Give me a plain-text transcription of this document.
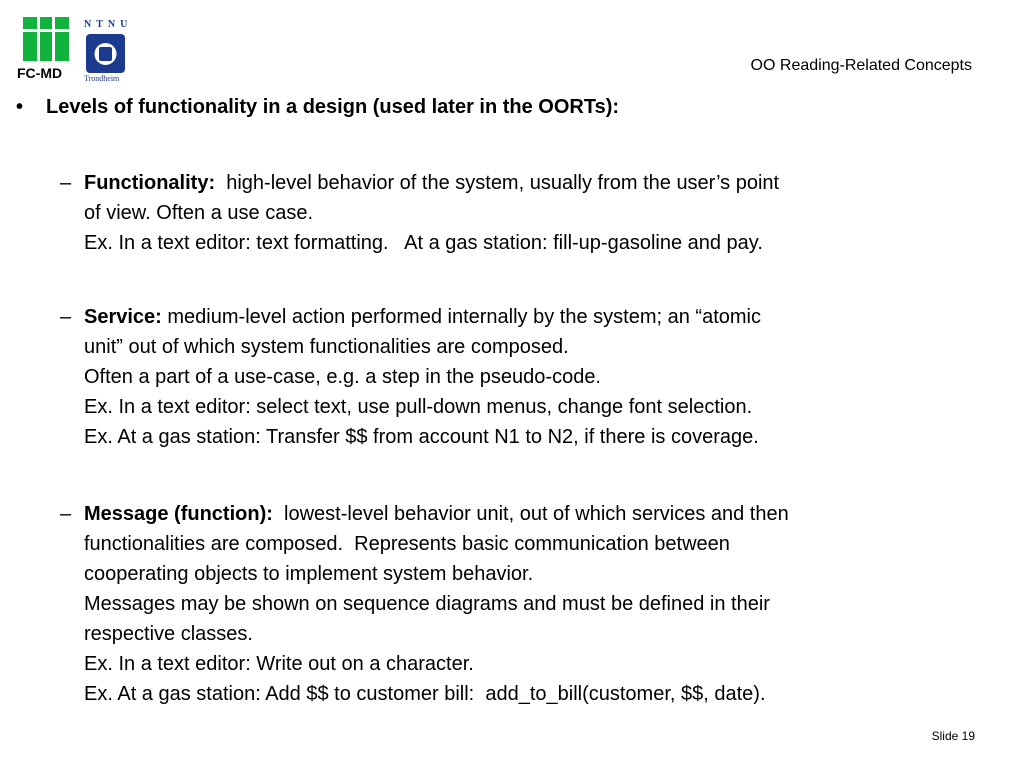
FC-MD
NTNU
Trondheim
OO Reading-Related Concepts
• Levels of functionality in a design (used later in the OORTs):
– Functionality:  high-level behavior of the system, usually from the user’s point
of view. Often a use case.
Ex. In a text editor: text formatting.   At a gas station: fill-up-gasoline and pay.
– Service: medium-level action performed internally by the system; an “atomic
unit” out of which system functionalities are composed.
Often a part of a use-case, e.g. a step in the pseudo-code.
Ex. In a text editor: select text, use pull-down menus, change font selection.
Ex. At a gas station: Transfer $$ from account N1 to N2, if there is coverage.
– Message (function):  lowest-level behavior unit, out of which services and then
functionalities are composed.  Represents basic communication between
cooperating objects to implement system behavior.
Messages may be shown on sequence diagrams and must be defined in their
respective classes.
Ex. In a text editor: Write out on a character.
Ex. At a gas station: Add $$ to customer bill:  add_to_bill(customer, $$, date).
Slide 19
